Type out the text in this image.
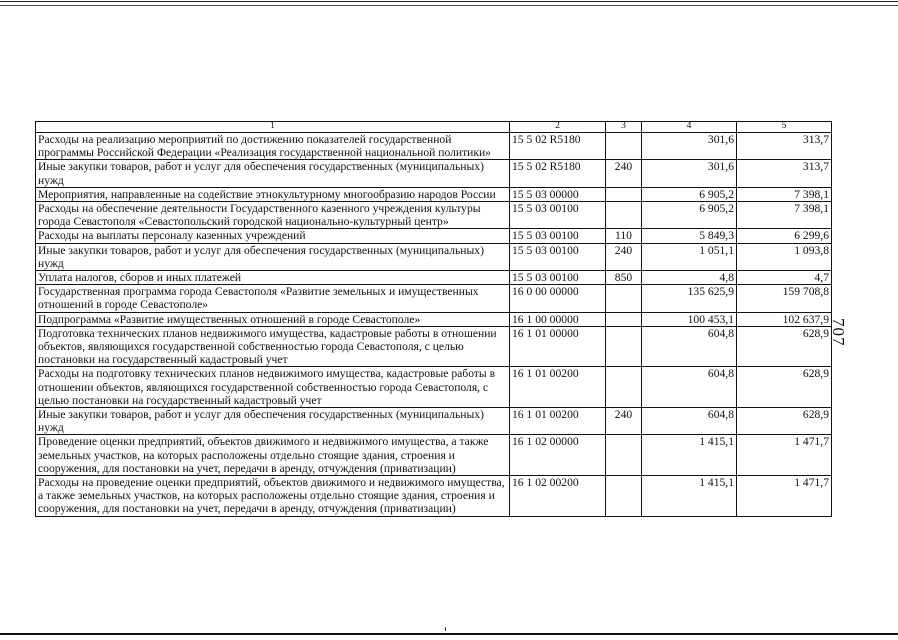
1	2	3	4	5
Расходы на реализацию мероприятий по достижению показателей государственной программы Российской Федерации «Реализация государственной национальной политики»	15 5 02 R5180		301,6	313,7
Иные закупки товаров, работ и услуг для обеспечения государственных (муниципальных) нужд	15 5 02 R5180	240	301,6	313,7
Мероприятия, направленные на содействие этнокультурному многообразию народов России	15 5 03 00000		6 905,2	7 398,1
Расходы на обеспечение деятельности Государственного казенного учреждения культуры города Севастополя «Севастопольский городской национально-культурный центр»	15 5 03 00100		6 905,2	7 398,1
Расходы на выплаты персоналу казенных учреждений	15 5 03 00100	110	5 849,3	6 299,6
Иные закупки товаров, работ и услуг для обеспечения государственных (муниципальных) нужд	15 5 03 00100	240	1 051,1	1 093,8
Уплата налогов, сборов и иных платежей	15 5 03 00100	850	4,8	4,7
Государственная программа города Севастополя «Развитие земельных и имущественных отношений в городе Севастополе»	16 0 00 00000		135 625,9	159 708,8
Подпрограмма «Развитие имущественных отношений в городе Севастополе»	16 1 00 00000		100 453,1	102 637,9
Подготовка технических планов недвижимого имущества, кадастровые работы в отношении объектов, являющихся государственной собственностью города Севастополя, с целью постановки на государственный кадастровый учет	16 1 01 00000		604,8	628,9
Расходы на подготовку технических планов недвижимого имущества, кадастровые работы в отношении объектов, являющихся государственной собственностью города Севастополя, с целью постановки на государственный кадастровый учет	16 1 01 00200		604,8	628,9
Иные закупки товаров, работ и услуг для обеспечения государственных (муниципальных) нужд	16 1 01 00200	240	604,8	628,9
Проведение оценки предприятий, объектов движимого и недвижимого имущества, а также земельных участков, на которых расположены отдельно стоящие здания, строения и сооружения, для постановки на учет, передачи в аренду, отчуждения (приватизации)	16 1 02 00000		1 415,1	1 471,7
Расходы на проведение оценки предприятий, объектов движимого и недвижимого имущества, а также земельных участков, на которых расположены отдельно стоящие здания, строения и сооружения, для постановки на учет, передачи в аренду, отчуждения (приватизации)	16 1 02 00200		1 415,1	1 471,7
707
